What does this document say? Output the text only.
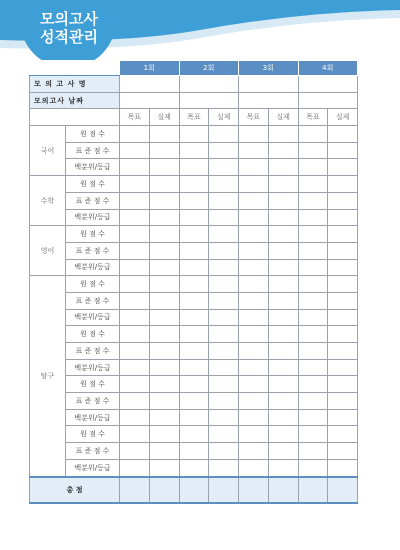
모의고사
성적관리
		1회		2회		3회		4회	
모 의 고 사 명									
모의고사 날짜									
		목표	실제	목표	실제	목표	실제	목표	실제
국어	원 점 수								
	표 준 점 수								
	백분위/등급								
수학	원 점 수								
	표 준 점 수								
	백분위/등급								
영어	원 점 수								
	표 준 점 수								
	백분위/등급								
탐구	원 점 수								
	표 준 점 수								
	백분위/등급								
	원 점 수								
	표 준 점 수								
	백분위/등급								
	원 점 수								
	표 준 점 수								
	백분위/등급								
	원 점 수								
	표 준 점 수								
	백분위/등급								
총 점									
